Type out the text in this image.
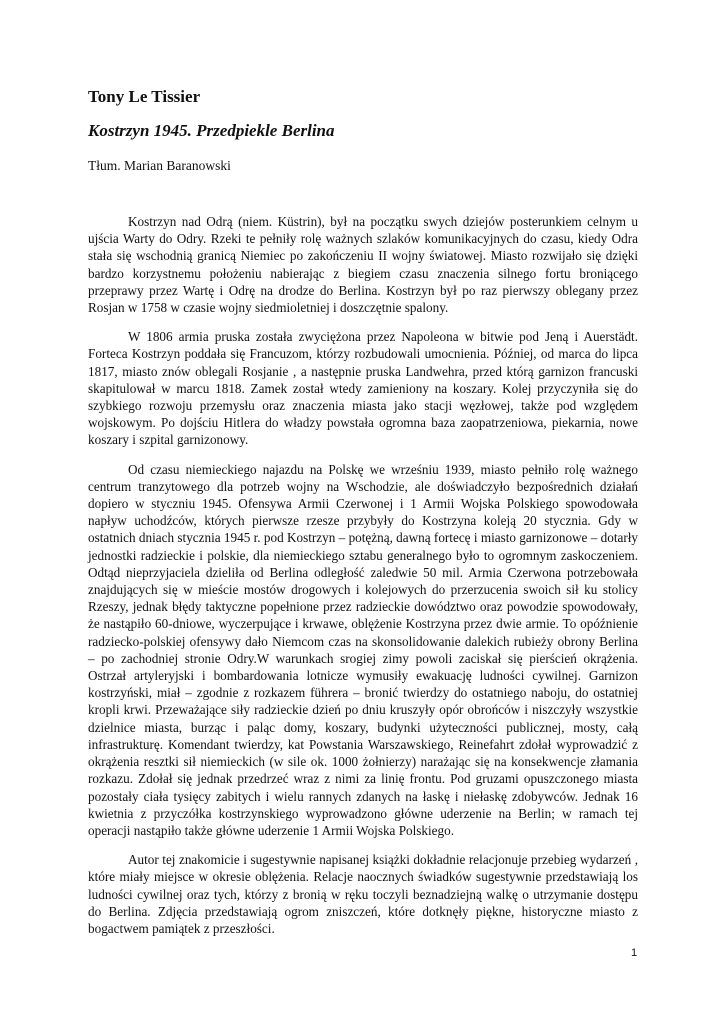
Tony Le Tissier
Kostrzyn 1945. Przedpiekle Berlina

Tłum. Marian Baranowski

Kostrzyn nad Odrą (niem. Küstrin), był na początku swych dziejów posterunkiem celnym u ujścia Warty do Odry. Rzeki te pełniły rolę ważnych szlaków komunikacyjnych do czasu, kiedy Odra stała się wschodnią granicą Niemiec po zakończeniu II wojny światowej. Miasto rozwijało się dzięki bardzo korzystnemu położeniu nabierając z biegiem czasu znaczenia silnego fortu broniącego przeprawy przez Wartę i Odrę na drodze do Berlina. Kostrzyn był po raz pierwszy oblegany przez Rosjan w 1758 w czasie wojny siedmioletniej i doszczętnie spalony.

W 1806 armia pruska została zwyciężona przez Napoleona w bitwie pod Jeną i Auerstädt. Forteca Kostrzyn poddała się Francuzom, którzy rozbudowali umocnienia. Później, od marca do lipca 1817, miasto znów oblegali Rosjanie , a następnie pruska Landwehra, przed którą garnizon francuski skapitulował w marcu 1818. Zamek został wtedy zamieniony na koszary. Kolej przyczyniła się do szybkiego rozwoju przemysłu oraz znaczenia miasta jako stacji węzłowej, także pod względem wojskowym. Po dojściu Hitlera do władzy powstała ogromna baza zaopatrzeniowa, piekarnia, nowe koszary i szpital garnizonowy.

Od czasu niemieckiego najazdu na Polskę we wrześniu 1939, miasto pełniło rolę ważnego centrum tranzytowego dla potrzeb wojny na Wschodzie, ale doświadczyło bezpośrednich działań dopiero w styczniu 1945. Ofensywa Armii Czerwonej i 1 Armii Wojska Polskiego spowodowała napływ uchodźców, których pierwsze rzesze przybyły do Kostrzyna koleją 20 stycznia. Gdy w ostatnich dniach stycznia 1945 r. pod Kostrzyn – potężną, dawną fortecę i miasto garnizonowe – dotarły jednostki radzieckie i polskie, dla niemieckiego sztabu generalnego było to ogromnym zaskoczeniem. Odtąd nieprzyjaciela dzieliła od Berlina odległość zaledwie 50 mil. Armia Czerwona potrzebowała znajdujących się w mieście mostów drogowych i kolejowych do przerzucenia swoich sił ku stolicy Rzeszy, jednak błędy taktyczne popełnione przez radzieckie dowództwo oraz powodzie spowodowały, że nastąpiło 60-dniowe, wyczerpujące i krwawe, oblężenie Kostrzyna przez dwie armie. To opóźnienie radziecko-polskiej ofensywy dało Niemcom czas na skonsolidowanie dalekich rubieży obrony Berlina – po zachodniej stronie Odry.W warunkach srogiej zimy powoli zaciskał się pierścień okrążenia. Ostrzał artyleryjski i bombardowania lotnicze wymusiły ewakuację ludności cywilnej. Garnizon kostrzyński, miał – zgodnie z rozkazem führera – bronić twierdzy do ostatniego naboju, do ostatniej kropli krwi. Przeważające siły radzieckie dzień po dniu kruszyły opór obrońców i niszczyły wszystkie dzielnice miasta, burząc i paląc domy, koszary, budynki użyteczności publicznej, mosty, całą infrastrukturę. Komendant twierdzy, kat Powstania Warszawskiego, Reinefahrt zdołał wyprowadzić z okrążenia resztki sił niemieckich (w sile ok. 1000 żołnierzy) narażając się na konsekwencje złamania rozkazu. Zdołał się jednak przedrzeć wraz z nimi za linię frontu. Pod gruzami opuszczonego miasta pozostały ciała tysięcy zabitych i wielu rannych zdanych na łaskę i niełaskę zdobywców. Jednak 16 kwietnia z przyczółka kostrzynskiego wyprowadzono główne uderzenie na Berlin; w ramach tej operacji nastąpiło także główne uderzenie 1 Armii Wojska Polskiego.

Autor tej znakomicie i sugestywnie napisanej książki dokładnie relacjonuje przebieg wydarzeń , które miały miejsce w okresie oblężenia. Relacje naocznych świadków sugestywnie przedstawiają los ludności cywilnej oraz tych, którzy z bronią w ręku toczyli beznadziejną walkę o utrzymanie dostępu do Berlina. Zdjęcia przedstawiają ogrom zniszczeń, które dotknęły piękne, historyczne miasto z bogactwem pamiątek z przeszłości.

1
